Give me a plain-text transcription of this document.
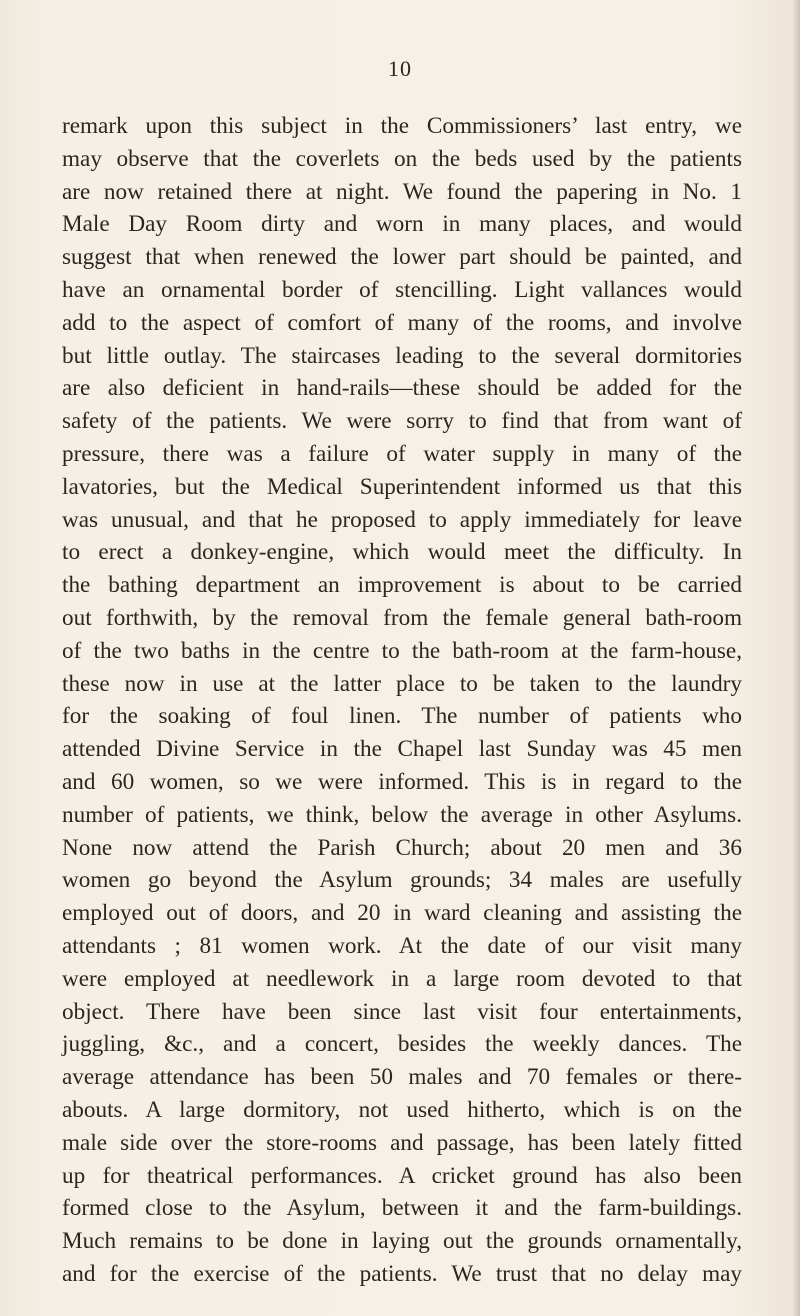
10
remark upon this subject in the Commissioners’ last entry, we
may observe that the coverlets on the beds used by the patients
are now retained there at night. We found the papering in No. 1
Male Day Room dirty and worn in many places, and would
suggest that when renewed the lower part should be painted, and
have an ornamental border of stencilling. Light vallances would
add to the aspect of comfort of many of the rooms, and involve
but little outlay. The staircases leading to the several dormitories
are also deficient in hand-rails—these should be added for the
safety of the patients. We were sorry to find that from want of
pressure, there was a failure of water supply in many of the
lavatories, but the Medical Superintendent informed us that this
was unusual, and that he proposed to apply immediately for leave
to erect a donkey-engine, which would meet the difficulty. In
the bathing department an improvement is about to be carried
out forthwith, by the removal from the female general bath-room
of the two baths in the centre to the bath-room at the farm-house,
these now in use at the latter place to be taken to the laundry
for the soaking of foul linen. The number of patients who
attended Divine Service in the Chapel last Sunday was 45 men
and 60 women, so we were informed. This is in regard to the
number of patients, we think, below the average in other Asylums.
None now attend the Parish Church; about 20 men and 36
women go beyond the Asylum grounds; 34 males are usefully
employed out of doors, and 20 in ward cleaning and assisting the
attendants ; 81 women work. At the date of our visit many
were employed at needlework in a large room devoted to that
object. There have been since last visit four entertainments,
juggling, &c., and a concert, besides the weekly dances. The
average attendance has been 50 males and 70 females or there-
abouts. A large dormitory, not used hitherto, which is on the
male side over the store-rooms and passage, has been lately fitted
up for theatrical performances. A cricket ground has also been
formed close to the Asylum, between it and the farm-buildings.
Much remains to be done in laying out the grounds ornamentally,
and for the exercise of the patients. We trust that no delay may
